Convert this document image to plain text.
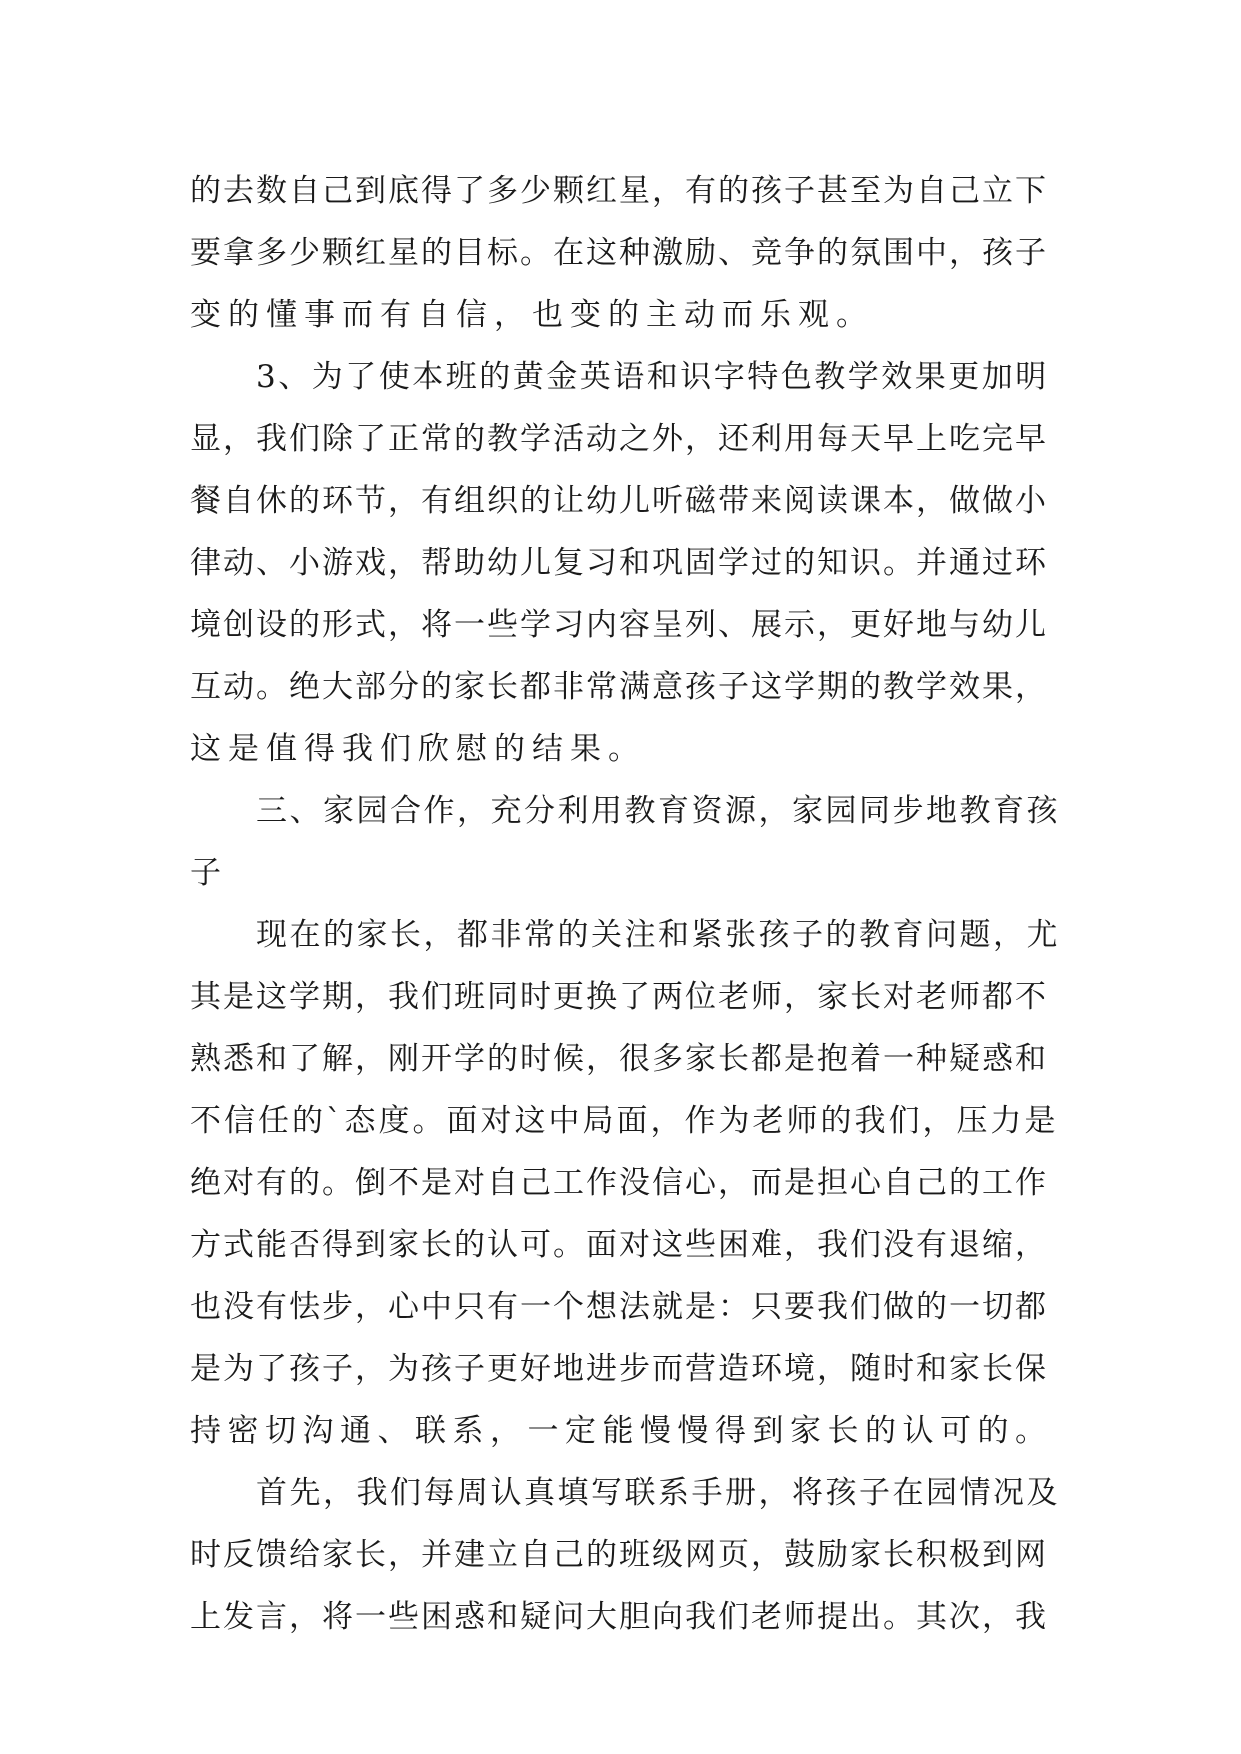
的去数自己到底得了多少颗红星，有的孩子甚至为自己立下
要拿多少颗红星的目标。在这种激励、竞争的氛围中，孩子
变的懂事而有自信，也变的主动而乐观。

3、为了使本班的黄金英语和识字特色教学效果更加明
显，我们除了正常的教学活动之外，还利用每天早上吃完早
餐自休的环节，有组织的让幼儿听磁带来阅读课本，做做小
律动、小游戏，帮助幼儿复习和巩固学过的知识。并通过环
境创设的形式，将一些学习内容呈列、展示，更好地与幼儿
互动。绝大部分的家长都非常满意孩子这学期的教学效果，
这是值得我们欣慰的结果。

三、家园合作，充分利用教育资源，家园同步地教育孩
子

现在的家长，都非常的关注和紧张孩子的教育问题，尤
其是这学期，我们班同时更换了两位老师，家长对老师都不
熟悉和了解，刚开学的时候，很多家长都是抱着一种疑惑和
不信任的`态度。面对这中局面，作为老师的我们，压力是
绝对有的。倒不是对自己工作没信心，而是担心自己的工作
方式能否得到家长的认可。面对这些困难，我们没有退缩，
也没有怯步，心中只有一个想法就是：只要我们做的一切都
是为了孩子，为孩子更好地进步而营造环境，随时和家长保
持密切沟通、联系，一定能慢慢得到家长的认可的。

首先，我们每周认真填写联系手册，将孩子在园情况及
时反馈给家长，并建立自己的班级网页，鼓励家长积极到网
上发言，将一些困惑和疑问大胆向我们老师提出。其次，我
